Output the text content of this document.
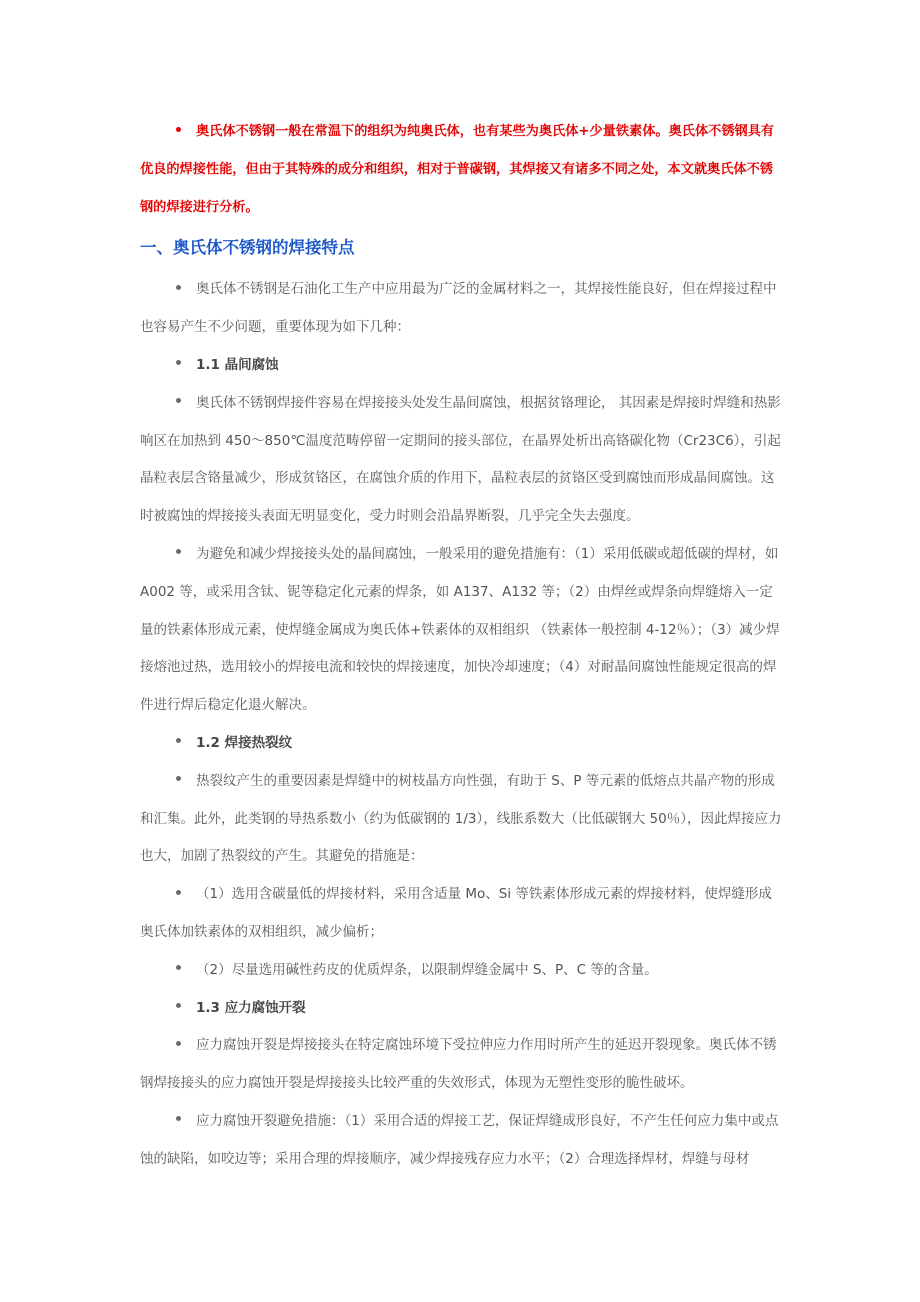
奥氏体不锈钢一般在常温下的组织为纯奥氏体，也有某些为奥氏体+少量铁素体。奥氏体不锈钢具有优良的焊接性能，但由于其特殊的成分和组织，相对于普碳钢，其焊接又有诸多不同之处，本文就奥氏体不锈钢的焊接进行分析。

一、奥氏体不锈钢的焊接特点

奥氏体不锈钢是石油化工生产中应用最为广泛的金属材料之一，其焊接性能良好，但在焊接过程中也容易产生不少问题，重要体现为如下几种：

1.1 晶间腐蚀

奥氏体不锈钢焊接件容易在焊接接头处发生晶间腐蚀，根据贫铬理论， 其因素是焊接时焊缝和热影响区在加热到 450～850℃温度范畴停留一定期间的接头部位，在晶界处析出高铬碳化物（Cr23C6），引起晶粒表层含铬量减少，形成贫铬区，在腐蚀介质的作用下，晶粒表层的贫铬区受到腐蚀而形成晶间腐蚀。这时被腐蚀的焊接接头表面无明显变化，受力时则会沿晶界断裂，几乎完全失去强度。

为避免和减少焊接接头处的晶间腐蚀，一般采用的避免措施有：（1）采用低碳或超低碳的焊材，如 A002 等，或采用含钛、铌等稳定化元素的焊条，如 A137、A132 等；（2）由焊丝或焊条向焊缝熔入一定量的铁素体形成元素，使焊缝金属成为奥氏体+铁素体的双相组织 （铁素体一般控制 4-12％）；（3）减少焊接熔池过热，选用较小的焊接电流和较快的焊接速度，加快冷却速度；（4）对耐晶间腐蚀性能规定很高的焊件进行焊后稳定化退火解决。

1.2 焊接热裂纹

热裂纹产生的重要因素是焊缝中的树枝晶方向性强，有助于 S、P 等元素的低熔点共晶产物的形成和汇集。此外，此类钢的导热系数小（约为低碳钢的 1/3），线胀系数大（比低碳钢大 50％），因此焊接应力也大，加剧了热裂纹的产生。其避免的措施是：

（1）选用含碳量低的焊接材料，采用含适量 Mo、Si 等铁素体形成元素的焊接材料，使焊缝形成奥氏体加铁素体的双相组织，减少偏析；

（2）尽量选用碱性药皮的优质焊条，以限制焊缝金属中 S、P、C 等的含量。

1.3 应力腐蚀开裂

应力腐蚀开裂是焊接接头在特定腐蚀环境下受拉伸应力作用时所产生的延迟开裂现象。奥氏体不锈钢焊接接头的应力腐蚀开裂是焊接接头比较严重的失效形式，体现为无塑性变形的脆性破坏。

应力腐蚀开裂避免措施：（1）采用合适的焊接工艺，保证焊缝成形良好，不产生任何应力集中或点蚀的缺陷，如咬边等；采用合理的焊接顺序，减少焊接残存应力水平；（2）合理选择焊材，焊缝与母材
